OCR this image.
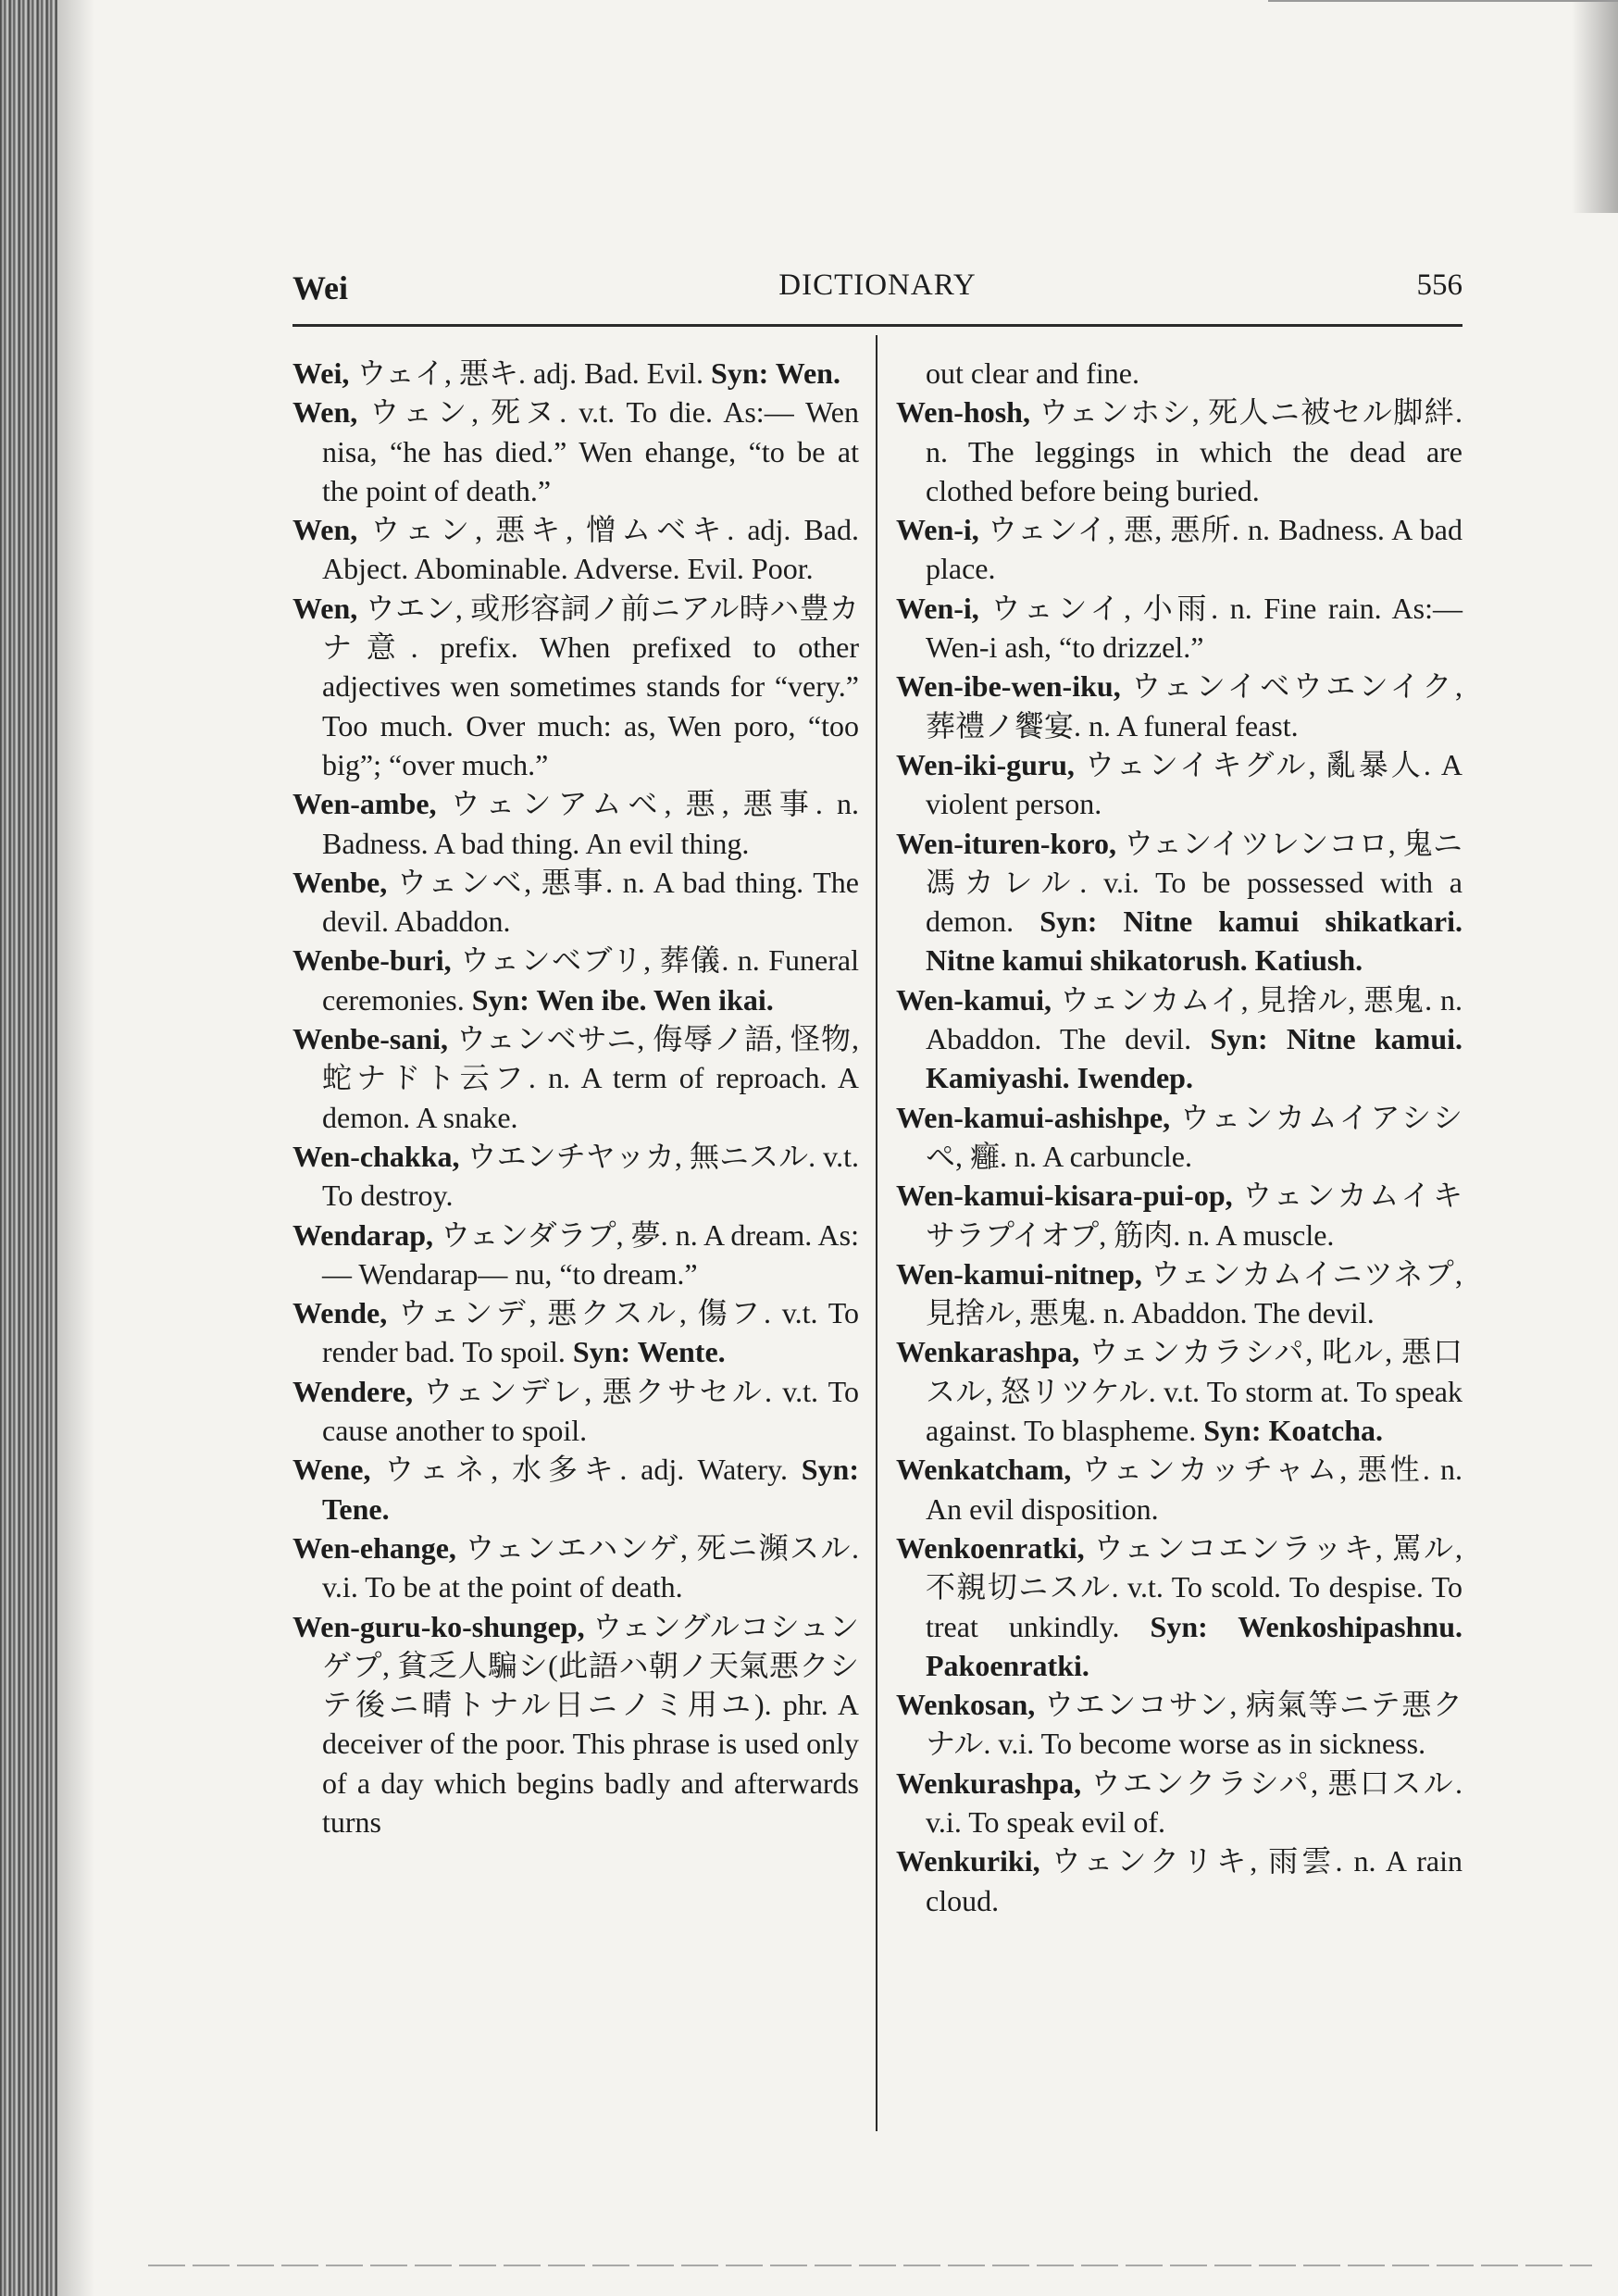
Wei	DICTIONARY	556

Wei, ウェイ, 悪キ. adj. Bad. Evil. Syn: Wen.

Wen, ウェン, 死ヌ. v.t. To die. As:— Wen nisa, “he has died.” Wen ehange, “to be at the point of death.”

Wen, ウェン, 悪キ, 憎ムベキ. adj. Bad. Abject. Abominable. Adverse. Evil. Poor.

Wen, ウエン, 或形容詞ノ前ニアル時ハ豊カナ意. prefix. When prefixed to other adjectives wen sometimes stands for “very.” Too much. Over much: as, Wen poro, “too big”; “over much.”

Wen-ambe, ウェンアムベ, 悪, 悪事. n. Badness. A bad thing. An evil thing.

Wenbe, ウェンベ, 悪事. n. A bad thing. The devil. Abaddon.

Wenbe-buri, ウェンベブリ, 葬儀. n. Funeral ceremonies. Syn: Wen ibe. Wen ikai.

Wenbe-sani, ウェンベサニ, 侮辱ノ語, 怪物, 蛇ナドト云フ. n. A term of reproach. A demon. A snake.

Wen-chakka, ウエンチヤッカ, 無ニスル. v.t. To destroy.

Wendarap, ウェンダラプ, 夢. n. A dream. As: — Wendarap— nu, “to dream.”

Wende, ウェンデ, 悪クスル, 傷フ. v.t. To render bad. To spoil. Syn: Wente.

Wendere, ウェンデレ, 悪クサセル. v.t. To cause another to spoil.

Wene, ウェネ, 水多キ. adj. Watery. Syn: Tene.

Wen-ehange, ウェンエハンゲ, 死ニ瀕スル. v.i. To be at the point of death.

Wen-guru-ko-shungep, ウェングルコシュンゲプ, 貧乏人騙シ(此語ハ朝ノ天氣悪クシテ後ニ晴トナル日ニノミ用ユ). phr. A deceiver of the poor. This phrase is used only of a day which begins badly and afterwards turns

out clear and fine.

Wen-hosh, ウェンホシ, 死人ニ被セル脚絆. n. The leggings in which the dead are clothed before being buried.

Wen-i, ウェンイ, 悪, 悪所. n. Badness. A bad place.

Wen-i, ウェンイ, 小雨. n. Fine rain. As:— Wen-i ash, “to drizzel.”

Wen-ibe-wen-iku, ウェンイベウエンイク, 葬禮ノ饗宴. n. A funeral feast.

Wen-iki-guru, ウェンイキグル, 亂暴人. A violent person.

Wen-ituren-koro, ウェンイツレンコロ, 鬼ニ馮カレル. v.i. To be possessed with a demon. Syn: Nitne kamui shikatkari. Nitne kamui shikatorush. Katiush.

Wen-kamui, ウェンカムイ, 見捨ル, 悪鬼. n. Abaddon. The devil. Syn: Nitne kamui. Kamiyashi. Iwendep.

Wen-kamui-ashishpe, ウェンカムイアシシペ, 癰. n. A carbuncle.

Wen-kamui-kisara-pui-op, ウェンカムイキサラプイオプ, 筋肉. n. A muscle.

Wen-kamui-nitnep, ウェンカムイニツネプ, 見捨ル, 悪鬼. n. Abaddon. The devil.

Wenkarashpa, ウェンカラシパ, 叱ル, 悪口スル, 怒リツケル. v.t. To storm at. To speak against. To blaspheme. Syn: Koatcha.

Wenkatcham, ウェンカッチャム, 悪性. n. An evil disposition.

Wenkoenratki, ウェンコエンラッキ, 罵ル, 不親切ニスル. v.t. To scold. To despise. To treat unkindly. Syn: Wenkoshipashnu. Pakoenratki.

Wenkosan, ウエンコサン, 病氣等ニテ悪クナル. v.i. To become worse as in sickness.

Wenkurashpa, ウエンクラシパ, 悪口スル. v.i. To speak evil of.

Wenkuriki, ウェンクリキ, 雨雲. n. A rain cloud.
